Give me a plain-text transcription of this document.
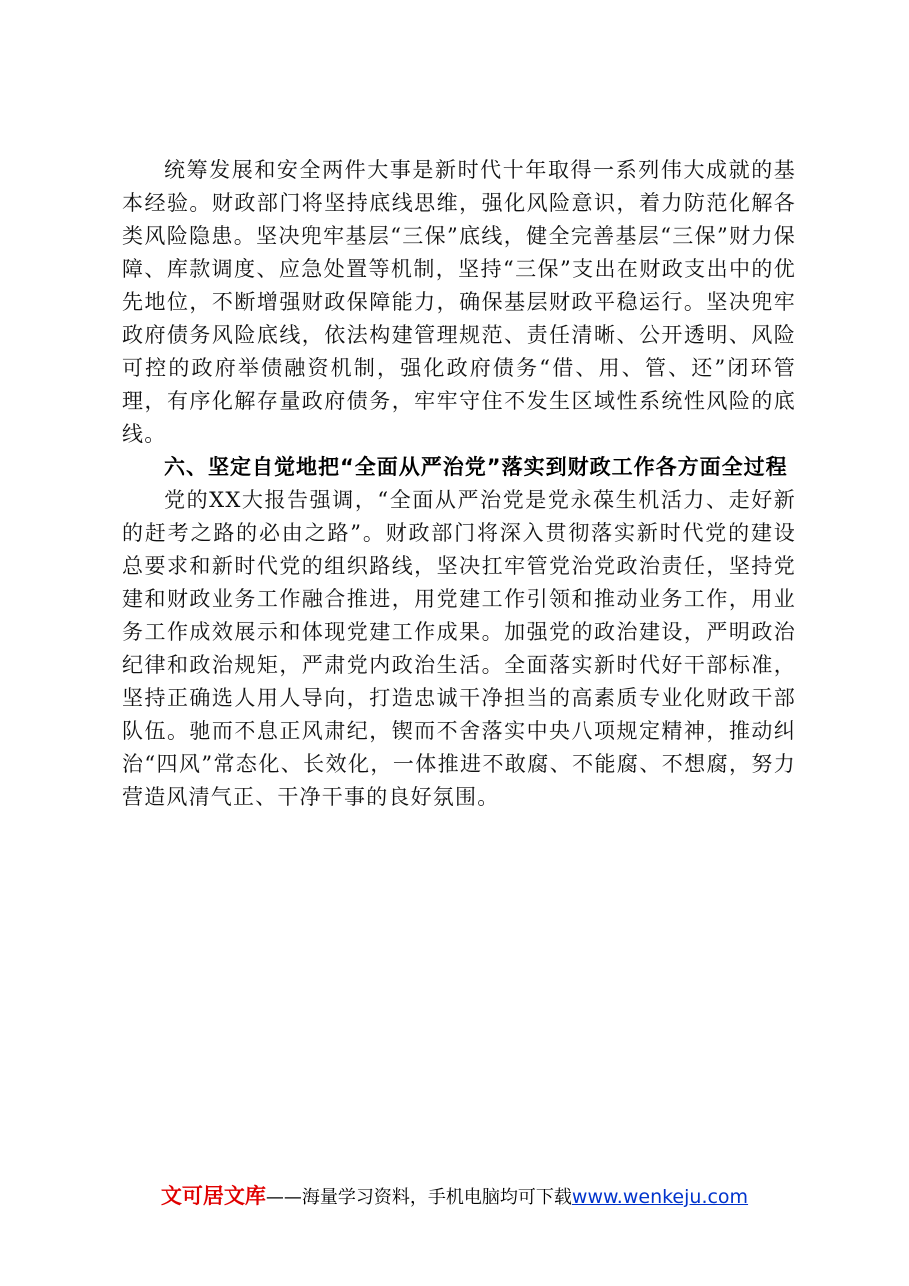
统筹发展和安全两件大事是新时代十年取得一系列伟大成就的基本经验。财政部门将坚持底线思维，强化风险意识，着力防范化解各类风险隐患。坚决兜牢基层“三保”底线，健全完善基层“三保”财力保障、库款调度、应急处置等机制，坚持“三保”支出在财政支出中的优先地位，不断增强财政保障能力，确保基层财政平稳运行。坚决兜牢政府债务风险底线，依法构建管理规范、责任清晰、公开透明、风险可控的政府举债融资机制，强化政府债务“借、用、管、还”闭环管理，有序化解存量政府债务，牢牢守住不发生区域性系统性风险的底线。

六、坚定自觉地把“全面从严治党”落实到财政工作各方面全过程

党的XX大报告强调，“全面从严治党是党永葆生机活力、走好新的赶考之路的必由之路”。财政部门将深入贯彻落实新时代党的建设总要求和新时代党的组织路线，坚决扛牢管党治党政治责任，坚持党建和财政业务工作融合推进，用党建工作引领和推动业务工作，用业务工作成效展示和体现党建工作成果。加强党的政治建设，严明政治纪律和政治规矩，严肃党内政治生活。全面落实新时代好干部标准，坚持正确选人用人导向，打造忠诚干净担当的高素质专业化财政干部队伍。驰而不息正风肃纪，锲而不舍落实中央八项规定精神，推动纠治“四风”常态化、长效化，一体推进不敢腐、不能腐、不想腐，努力营造风清气正、干净干事的良好氛围。

文可居文库——海量学习资料，手机电脑均可下载www.wenkeju.com
